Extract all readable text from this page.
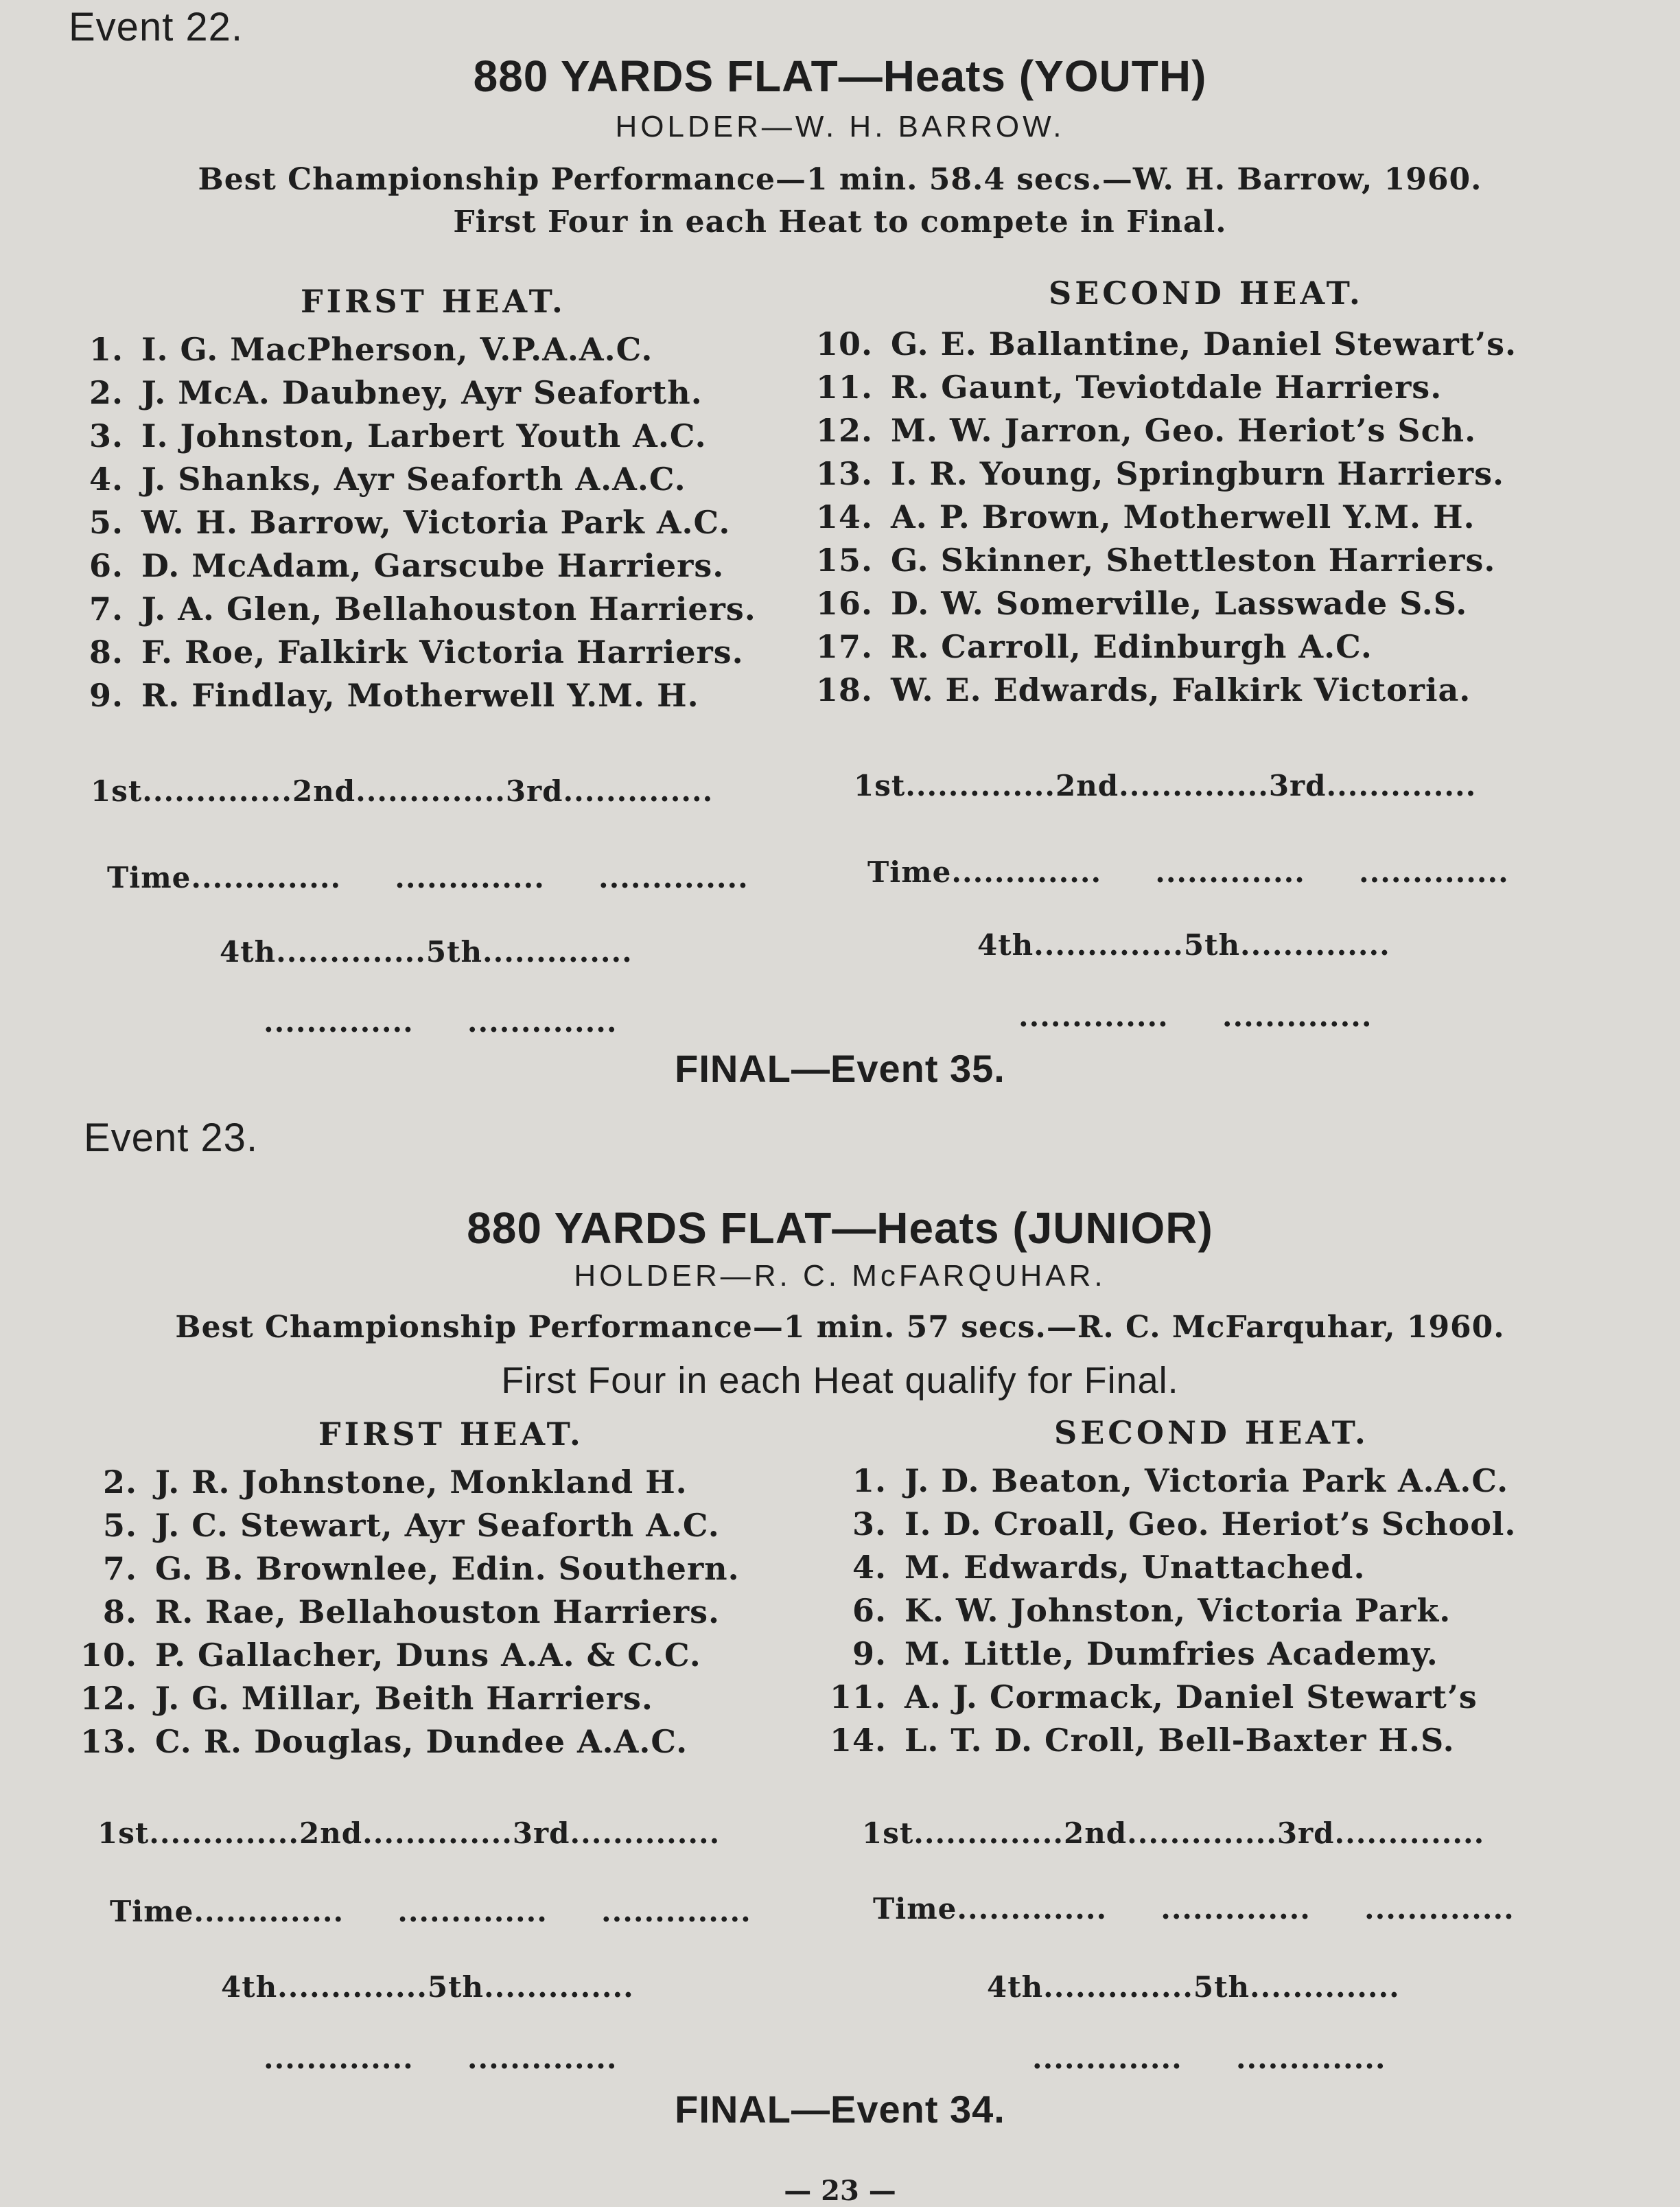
Event 22.
880 YARDS FLAT—Heats (YOUTH)
HOLDER—W. H. BARROW.
Best Championship Performance—1 min. 58.4 secs.—W. H. Barrow, 1960.
First Four in each Heat to compete in Final.
FIRST HEAT.	SECOND HEAT.
1. I. G. MacPherson, V.P.A.A.C.
2. J. McA. Daubney, Ayr Seaforth.
3. I. Johnston, Larbert Youth A.C.
4. J. Shanks, Ayr Seaforth A.A.C.
5. W. H. Barrow, Victoria Park A.C.
6. D. McAdam, Garscube Harriers.
7. J. A. Glen, Bellahouston Harriers.
8. F. Roe, Falkirk Victoria Harriers.
9. R. Findlay, Motherwell Y.M. H.
10. G. E. Ballantine, Daniel Stewart’s.
11. R. Gaunt, Teviotdale Harriers.
12. M. W. Jarron, Geo. Heriot’s Sch.
13. I. R. Young, Springburn Harriers.
14. A. P. Brown, Motherwell Y.M. H.
15. G. Skinner, Shettleston Harriers.
16. D. W. Somerville, Lasswade S.S.
17. R. Carroll, Edinburgh A.C.
18. W. E. Edwards, Falkirk Victoria.
1st..............2nd..............3rd..............	1st..............2nd..............3rd..............
Time..............     ..............     ..............	Time..............     ..............     ..............
4th..............5th..............	4th..............5th..............
..............     ..............	..............     ..............
FINAL—Event 35.
Event 23.
880 YARDS FLAT—Heats (JUNIOR)
HOLDER—R. C. McFARQUHAR.
Best Championship Performance—1 min. 57 secs.—R. C. McFarquhar, 1960.
First Four in each Heat qualify for Final.
FIRST HEAT.	SECOND HEAT.
2. J. R. Johnstone, Monkland H.
5. J. C. Stewart, Ayr Seaforth A.C.
7. G. B. Brownlee, Edin. Southern.
8. R. Rae, Bellahouston Harriers.
10. P. Gallacher, Duns A.A. & C.C.
12. J. G. Millar, Beith Harriers.
13. C. R. Douglas, Dundee A.A.C.
1. J. D. Beaton, Victoria Park A.A.C.
3. I. D. Croall, Geo. Heriot’s School.
4. M. Edwards, Unattached.
6. K. W. Johnston, Victoria Park.
9. M. Little, Dumfries Academy.
11. A. J. Cormack, Daniel Stewart’s
14. L. T. D. Croll, Bell-Baxter H.S.
1st..............2nd..............3rd..............	1st..............2nd..............3rd..............
Time..............     ..............     ..............	Time..............     ..............     ..............
4th..............5th..............	4th..............5th..............
..............     ..............	..............     ..............
FINAL—Event 34.
— 23 —
